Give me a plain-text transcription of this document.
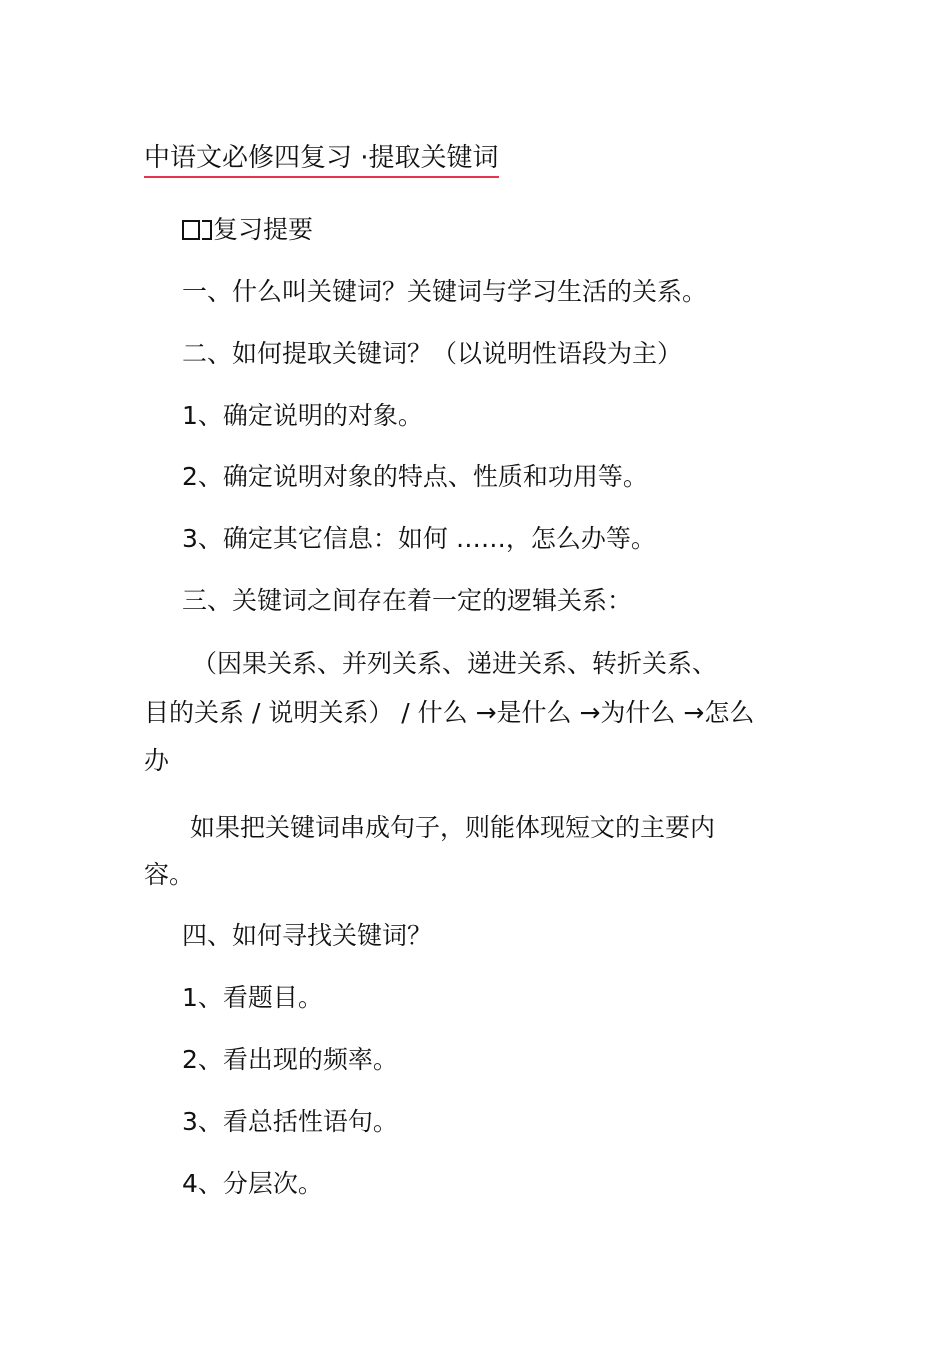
中语文必修四复习 ·提取关键词

复习提要

一、什么叫关键词？关键词与学习生活的关系。

二、如何提取关键词？（以说明性语段为主）

1、确定说明的对象。

2、确定说明对象的特点、性质和功用等。

3、确定其它信息：如何 ……，怎么办等。

三、关键词之间存在着一定的逻辑关系：

（因果关系、并列关系、递进关系、转折关系、

目的关系 / 说明关系） / 什么 →是什么 →为什么 →怎么

办

如果把关键词串成句子，则能体现短文的主要内

容。

四、如何寻找关键词？

1、看题目。

2、看出现的频率。

3、看总括性语句。

4、分层次。
